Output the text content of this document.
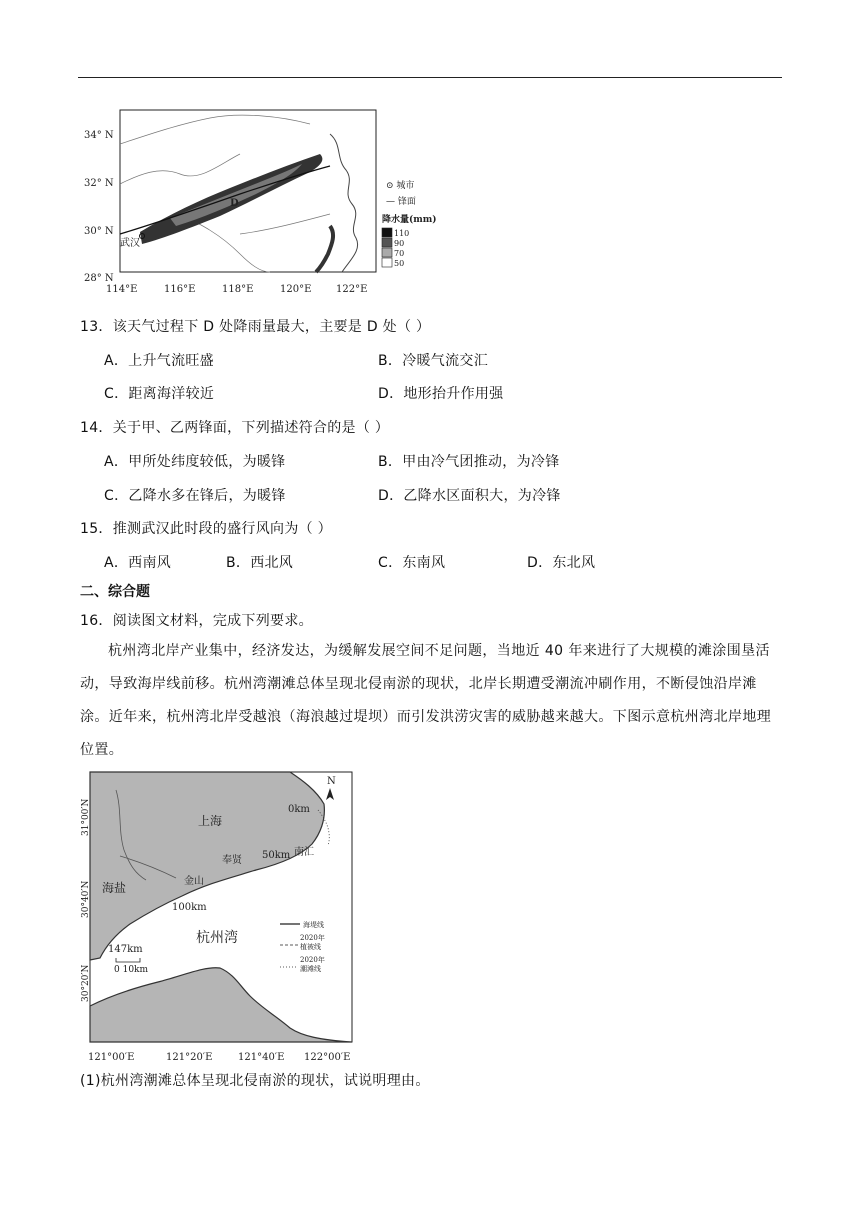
武汉
D
34° N
32° N
30° N
28° N
114°E	116°E	118°E	120°E 122°E
⊙ 城市
— 锋面
降水量(mm)
110
90
70
50
13．该天气过程下 D 处降雨量最大，主要是 D 处（ ）
A．上升气流旺盛	B．冷暖气流交汇
C．距离海洋较近	D．地形抬升作用强
14．关于甲、乙两锋面，下列描述符合的是（ ）
A．甲所处纬度较低，为暖锋	B．甲由冷气团推动，为冷锋
C．乙降水多在锋后，为暖锋	D．乙降水区面积大，为冷锋
15．推测武汉此时段的盛行风向为（ ）
A．西南风	B．西北风	C．东南风	D．东北风
二、综合题
16．阅读图文材料，完成下列要求。
杭州湾北岸产业集中，经济发达，为缓解发展空间不足问题，当地近 40 年来进行了大规模的滩涂围垦活动，导致海岸线前移。杭州湾潮滩总体呈现北侵南淤的现状，北岸长期遭受潮流冲刷作用，不断侵蚀沿岸滩涂。近年来，杭州湾北岸受越浪（海浪越过堤坝）而引发洪涝灾害的威胁越来越大。下图示意杭州湾北岸地理位置。
N
上海
海盐	金山
奉贤
南汇
杭州湾
0km
50km
100km
147km
0 10km
海堤线
2020年
植被线
2020年
潮滩线
31°00′N
30°40′N
30°20′N
121°00′E	121°20′E	121°40′E 122°00′E
(1)杭州湾潮滩总体呈现北侵南淤的现状，试说明理由。
